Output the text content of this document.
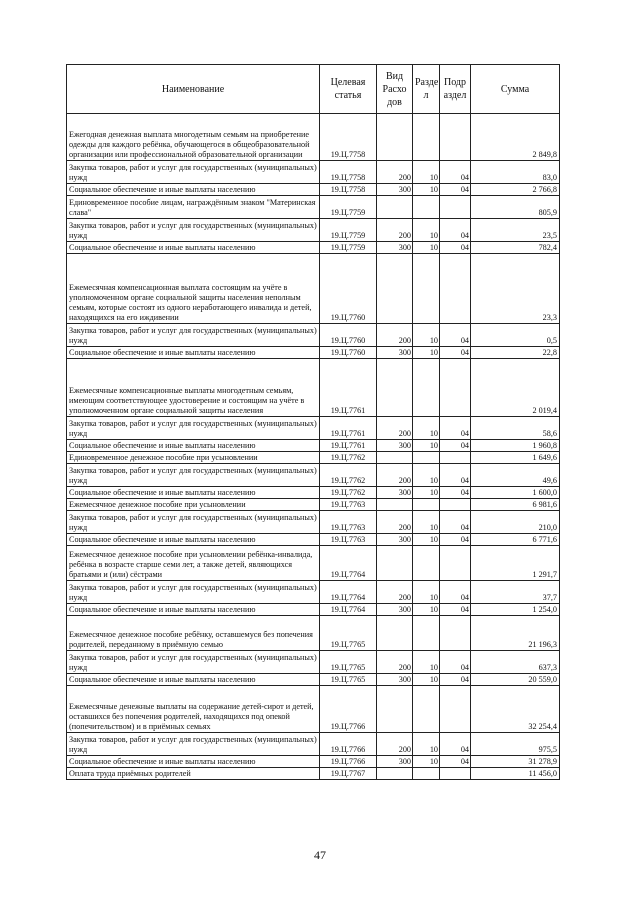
Наименование	Целевая статья	Вид Расхо дов	Разде л	Подр аздел	Сумма
Ежегодная денежная выплата многодетным семьям на приобретение одежды для каждого ребёнка, обучающегося в общеобразовательной организации или профессиональной образовательной организации	19.Ц.7758				2 849,8
Закупка товаров, работ и услуг для государственных (муниципальных) нужд	19.Ц.7758	200	10	04	83,0
Социальное обеспечение и иные выплаты населению	19.Ц.7758	300	10	04	2 766,8
Единовременное пособие лицам, награждённым знаком "Материнская слава"	19.Ц.7759				805,9
Закупка товаров, работ и услуг для государственных (муниципальных) нужд	19.Ц.7759	200	10	04	23,5
Социальное обеспечение и иные выплаты населению	19.Ц.7759	300	10	04	782,4
Ежемесячная компенсационная выплата состоящим на учёте в уполномоченном органе социальной защиты населения неполным семьям, которые состоят из одного неработающего инвалида и детей, находящихся на его иждивении	19.Ц.7760				23,3
Закупка товаров, работ и услуг для государственных (муниципальных) нужд	19.Ц.7760	200	10	04	0,5
Социальное обеспечение и иные выплаты населению	19.Ц.7760	300	10	04	22,8
Ежемесячные компенсационные выплаты многодетным семьям, имеющим соответствующее удостоверение и состоящим на учёте в уполномоченном органе социальной защиты населения	19.Ц.7761				2 019,4
Закупка товаров, работ и услуг для государственных (муниципальных) нужд	19.Ц.7761	200	10	04	58,6
Социальное обеспечение и иные выплаты населению	19.Ц.7761	300	10	04	1 960,8
Единовременное денежное пособие при усыновлении	19.Ц.7762				1 649,6
Закупка товаров, работ и услуг для государственных (муниципальных) нужд	19.Ц.7762	200	10	04	49,6
Социальное обеспечение и иные выплаты населению	19.Ц.7762	300	10	04	1 600,0
Ежемесячное денежное пособие при усыновлении	19.Ц.7763				6 981,6
Закупка товаров, работ и услуг для государственных (муниципальных) нужд	19.Ц.7763	200	10	04	210,0
Социальное обеспечение и иные выплаты населению	19.Ц.7763	300	10	04	6 771,6
Ежемесячное денежное пособие при усыновлении ребёнка-инвалида, ребёнка в возрасте старше семи лет, а также детей, являющихся братьями и (или) сёстрами	19.Ц.7764				1 291,7
Закупка товаров, работ и услуг для государственных (муниципальных) нужд	19.Ц.7764	200	10	04	37,7
Социальное обеспечение и иные выплаты населению	19.Ц.7764	300	10	04	1 254,0
Ежемесячное денежное пособие ребёнку, оставшемуся без попечения родителей, переданному в приёмную семью	19.Ц.7765				21 196,3
Закупка товаров, работ и услуг для государственных (муниципальных) нужд	19.Ц.7765	200	10	04	637,3
Социальное обеспечение и иные выплаты населению	19.Ц.7765	300	10	04	20 559,0
Ежемесячные денежные выплаты на содержание детей-сирот и детей, оставшихся без попечения родителей, находящихся под опекой (попечительством) и в приёмных семьях	19.Ц.7766				32 254,4
Закупка товаров, работ и услуг для государственных (муниципальных) нужд	19.Ц.7766	200	10	04	975,5
Социальное обеспечение и иные выплаты населению	19.Ц.7766	300	10	04	31 278,9
Оплата труда приёмных родителей	19.Ц.7767				11 456,0
47
